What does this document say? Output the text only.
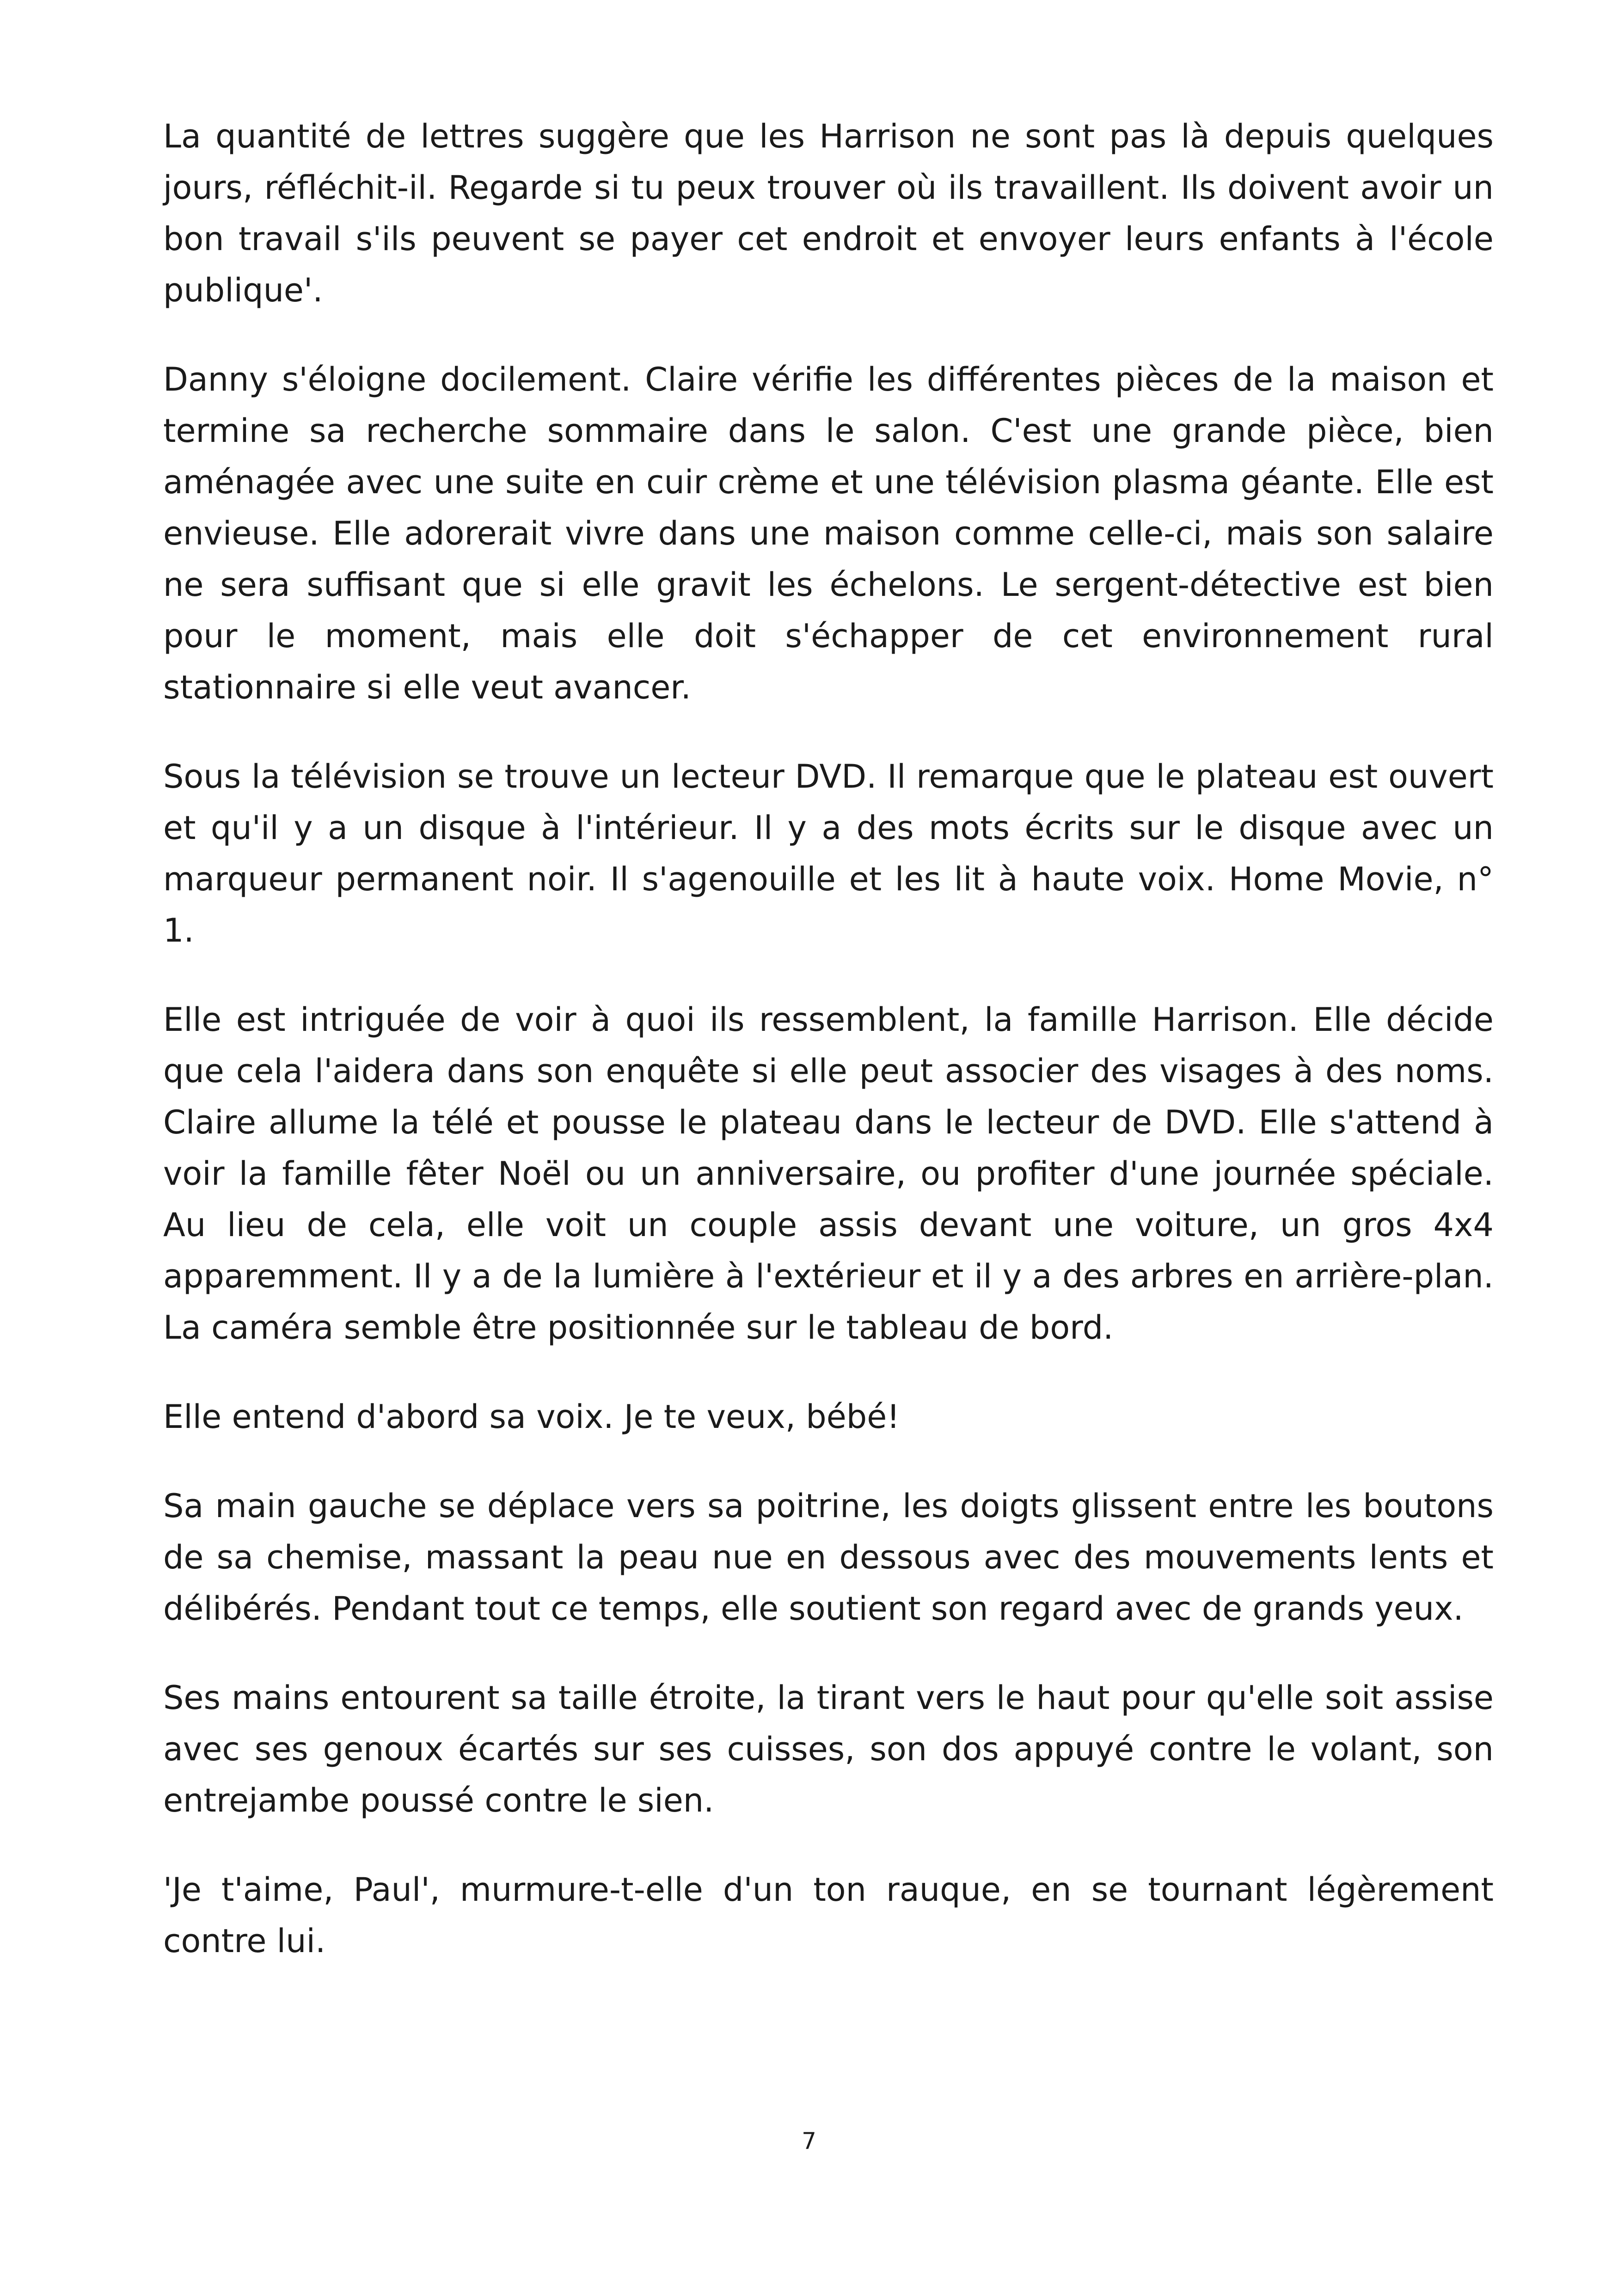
La quantité de lettres suggère que les Harrison ne sont pas là depuis quelques jours, réfléchit-il. Regarde si tu peux trouver où ils travaillent. Ils doivent avoir un bon travail s'ils peuvent se payer cet endroit et envoyer leurs enfants à l'école publique'.

Danny s'éloigne docilement. Claire vérifie les différentes pièces de la maison et termine sa recherche sommaire dans le salon. C'est une grande pièce, bien aménagée avec une suite en cuir crème et une télévision plasma géante. Elle est envieuse. Elle adorerait vivre dans une maison comme celle-ci, mais son salaire ne sera suffisant que si elle gravit les échelons. Le sergent-détective est bien pour le moment, mais elle doit s'échapper de cet environnement rural stationnaire si elle veut avancer.

Sous la télévision se trouve un lecteur DVD. Il remarque que le plateau est ouvert et qu'il y a un disque à l'intérieur. Il y a des mots écrits sur le disque avec un marqueur permanent noir. Il s'agenouille et les lit à haute voix. Home Movie, n° 1.

Elle est intriguée de voir à quoi ils ressemblent, la famille Harrison. Elle décide que cela l'aidera dans son enquête si elle peut associer des visages à des noms. Claire allume la télé et pousse le plateau dans le lecteur de DVD. Elle s'attend à voir la famille fêter Noël ou un anniversaire, ou profiter d'une journée spéciale. Au lieu de cela, elle voit un couple assis devant une voiture, un gros 4x4 apparemment. Il y a de la lumière à l'extérieur et il y a des arbres en arrière-plan. La caméra semble être positionnée sur le tableau de bord.

Elle entend d'abord sa voix. Je te veux, bébé!

Sa main gauche se déplace vers sa poitrine, les doigts glissent entre les boutons de sa chemise, massant la peau nue en dessous avec des mouvements lents et délibérés. Pendant tout ce temps, elle soutient son regard avec de grands yeux.

Ses mains entourent sa taille étroite, la tirant vers le haut pour qu'elle soit assise avec ses genoux écartés sur ses cuisses, son dos appuyé contre le volant, son entrejambe poussé contre le sien.

'Je t'aime, Paul', murmure-t-elle d'un ton rauque, en se tournant légèrement contre lui.

7
